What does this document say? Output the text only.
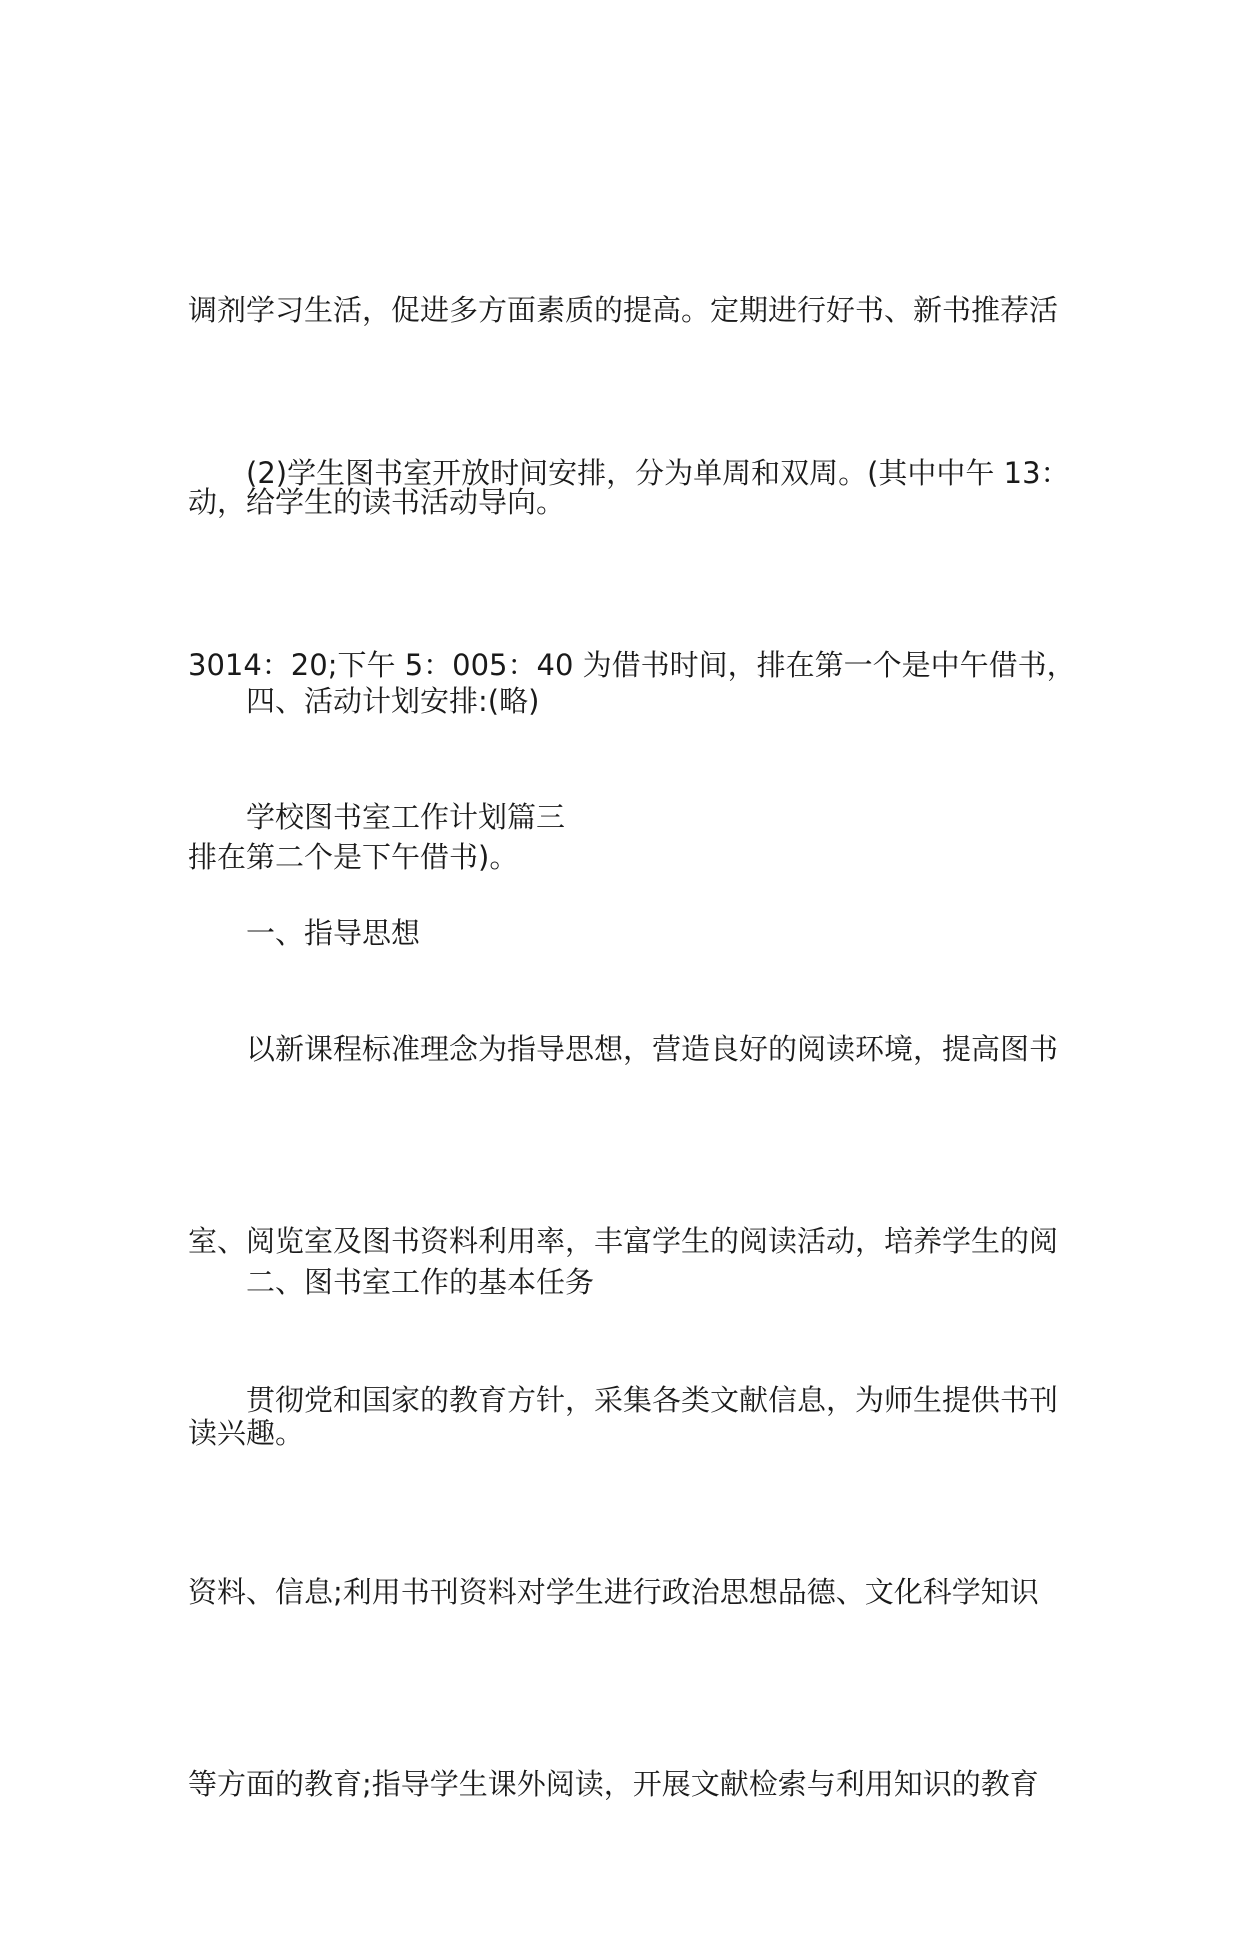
调剂学习生活，促进多方面素质的提高。定期进行好书、新书推荐活

动，给学生的读书活动导向。

(2)学生图书室开放时间安排，分为单周和双周。(其中中午 13：

3014：20;下午 5：005：40 为借书时间，排在第一个是中午借书，

排在第二个是下午借书)。

四、活动计划安排:(略)

学校图书室工作计划篇三

一、指导思想

以新课程标准理念为指导思想，营造良好的阅读环境，提高图书

室、阅览室及图书资料利用率，丰富学生的阅读活动，培养学生的阅

读兴趣。

二、图书室工作的基本任务

贯彻党和国家的教育方针，采集各类文献信息，为师生提供书刊

资料、信息;利用书刊资料对学生进行政治思想品德、文化科学知识

等方面的教育;指导学生课外阅读，开展文献检索与利用知识的教育
